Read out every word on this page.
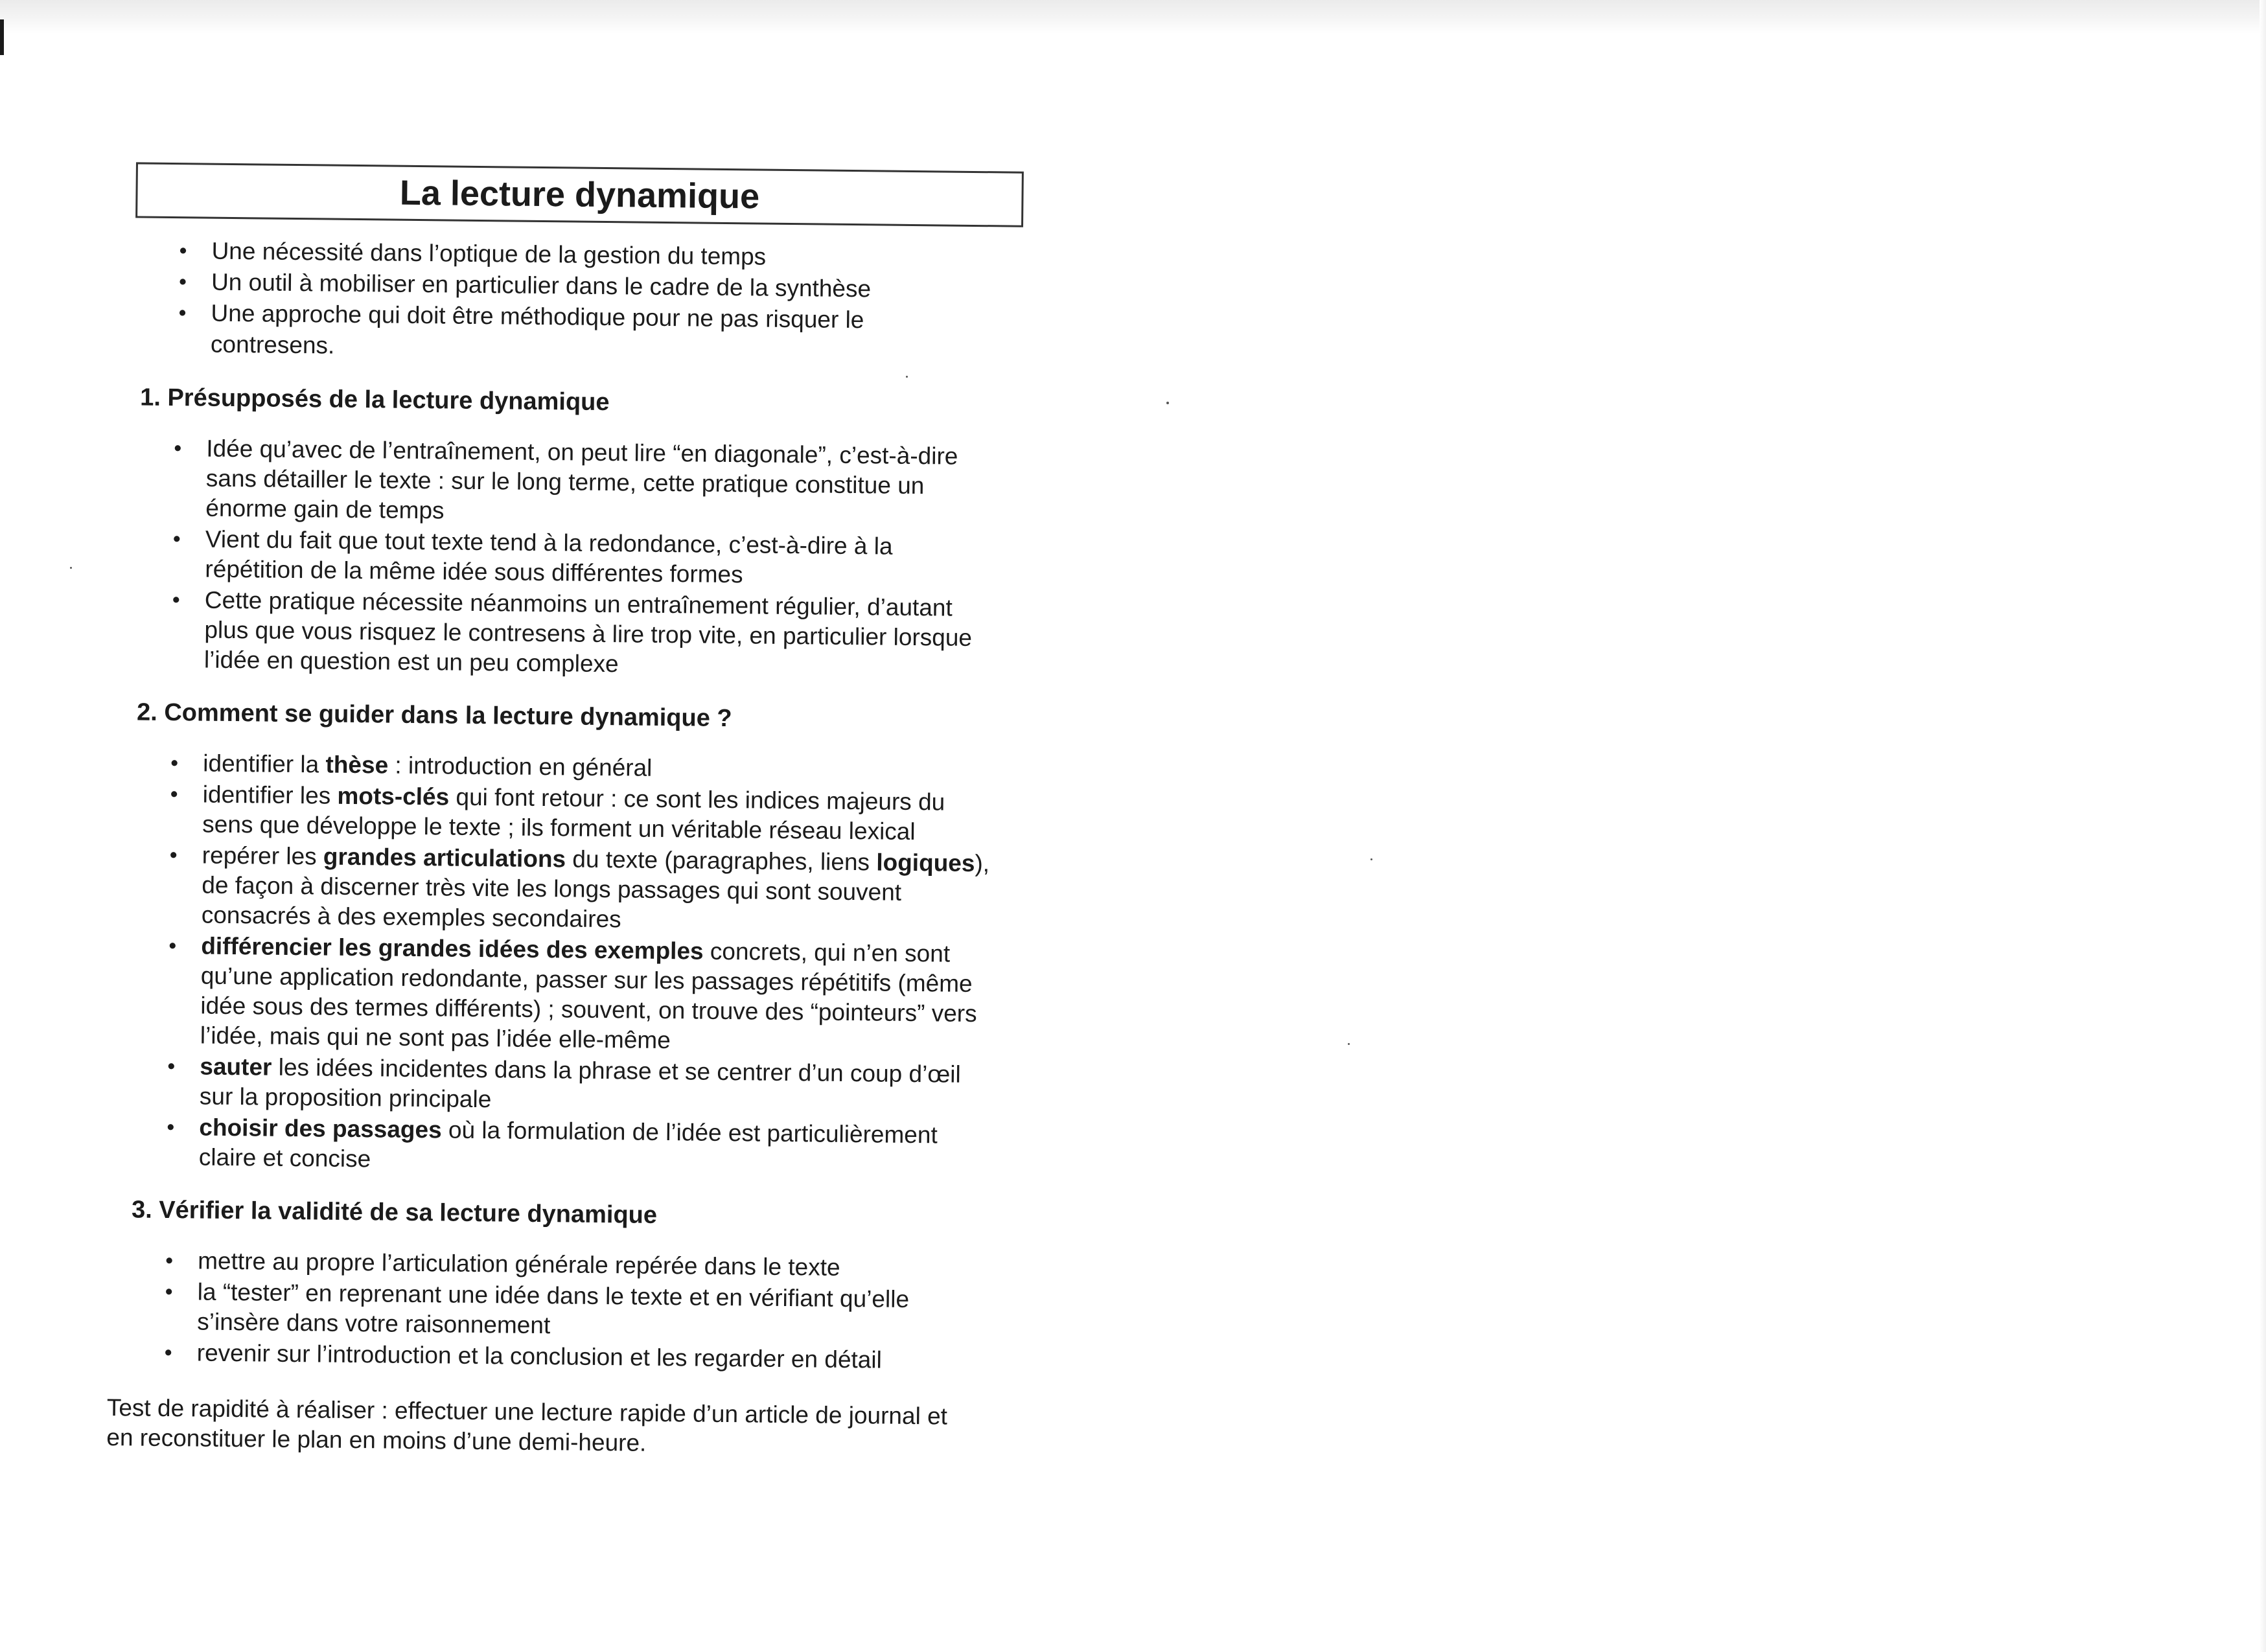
La lecture dynamique
• Une nécessité dans l’optique de la gestion du temps
• Un outil à mobiliser en particulier dans le cadre de la synthèse
• Une approche qui doit être méthodique pour ne pas risquer le contresens.
1. Présupposés de la lecture dynamique
• Idée qu’avec de l’entraînement, on peut lire “en diagonale”, c’est-à-dire sans détailler le texte : sur le long terme, cette pratique constitue un énorme gain de temps
• Vient du fait que tout texte tend à la redondance, c’est-à-dire à la répétition de la même idée sous différentes formes
• Cette pratique nécessite néanmoins un entraînement régulier, d’autant plus que vous risquez le contresens à lire trop vite, en particulier lorsque l’idée en question est un peu complexe
2. Comment se guider dans la lecture dynamique ?
• identifier la thèse : introduction en général
• identifier les mots-clés qui font retour : ce sont les indices majeurs du sens que développe le texte ; ils forment un véritable réseau lexical
• repérer les grandes articulations du texte (paragraphes, liens logiques), de façon à discerner très vite les longs passages qui sont souvent consacrés à des exemples secondaires
• différencier les grandes idées des exemples concrets, qui n’en sont qu’une application redondante, passer sur les passages répétitifs (même idée sous des termes différents) ; souvent, on trouve des “pointeurs” vers l’idée, mais qui ne sont pas l’idée elle-même
• sauter les idées incidentes dans la phrase et se centrer d’un coup d’œil sur la proposition principale
• choisir des passages où la formulation de l’idée est particulièrement claire et concise
3. Vérifier la validité de sa lecture dynamique
• mettre au propre l’articulation générale repérée dans le texte
• la “tester” en reprenant une idée dans le texte et en vérifiant qu’elle s’insère dans votre raisonnement
• revenir sur l’introduction et la conclusion et les regarder en détail
Test de rapidité à réaliser : effectuer une lecture rapide d’un article de journal et en reconstituer le plan en moins d’une demi-heure.
